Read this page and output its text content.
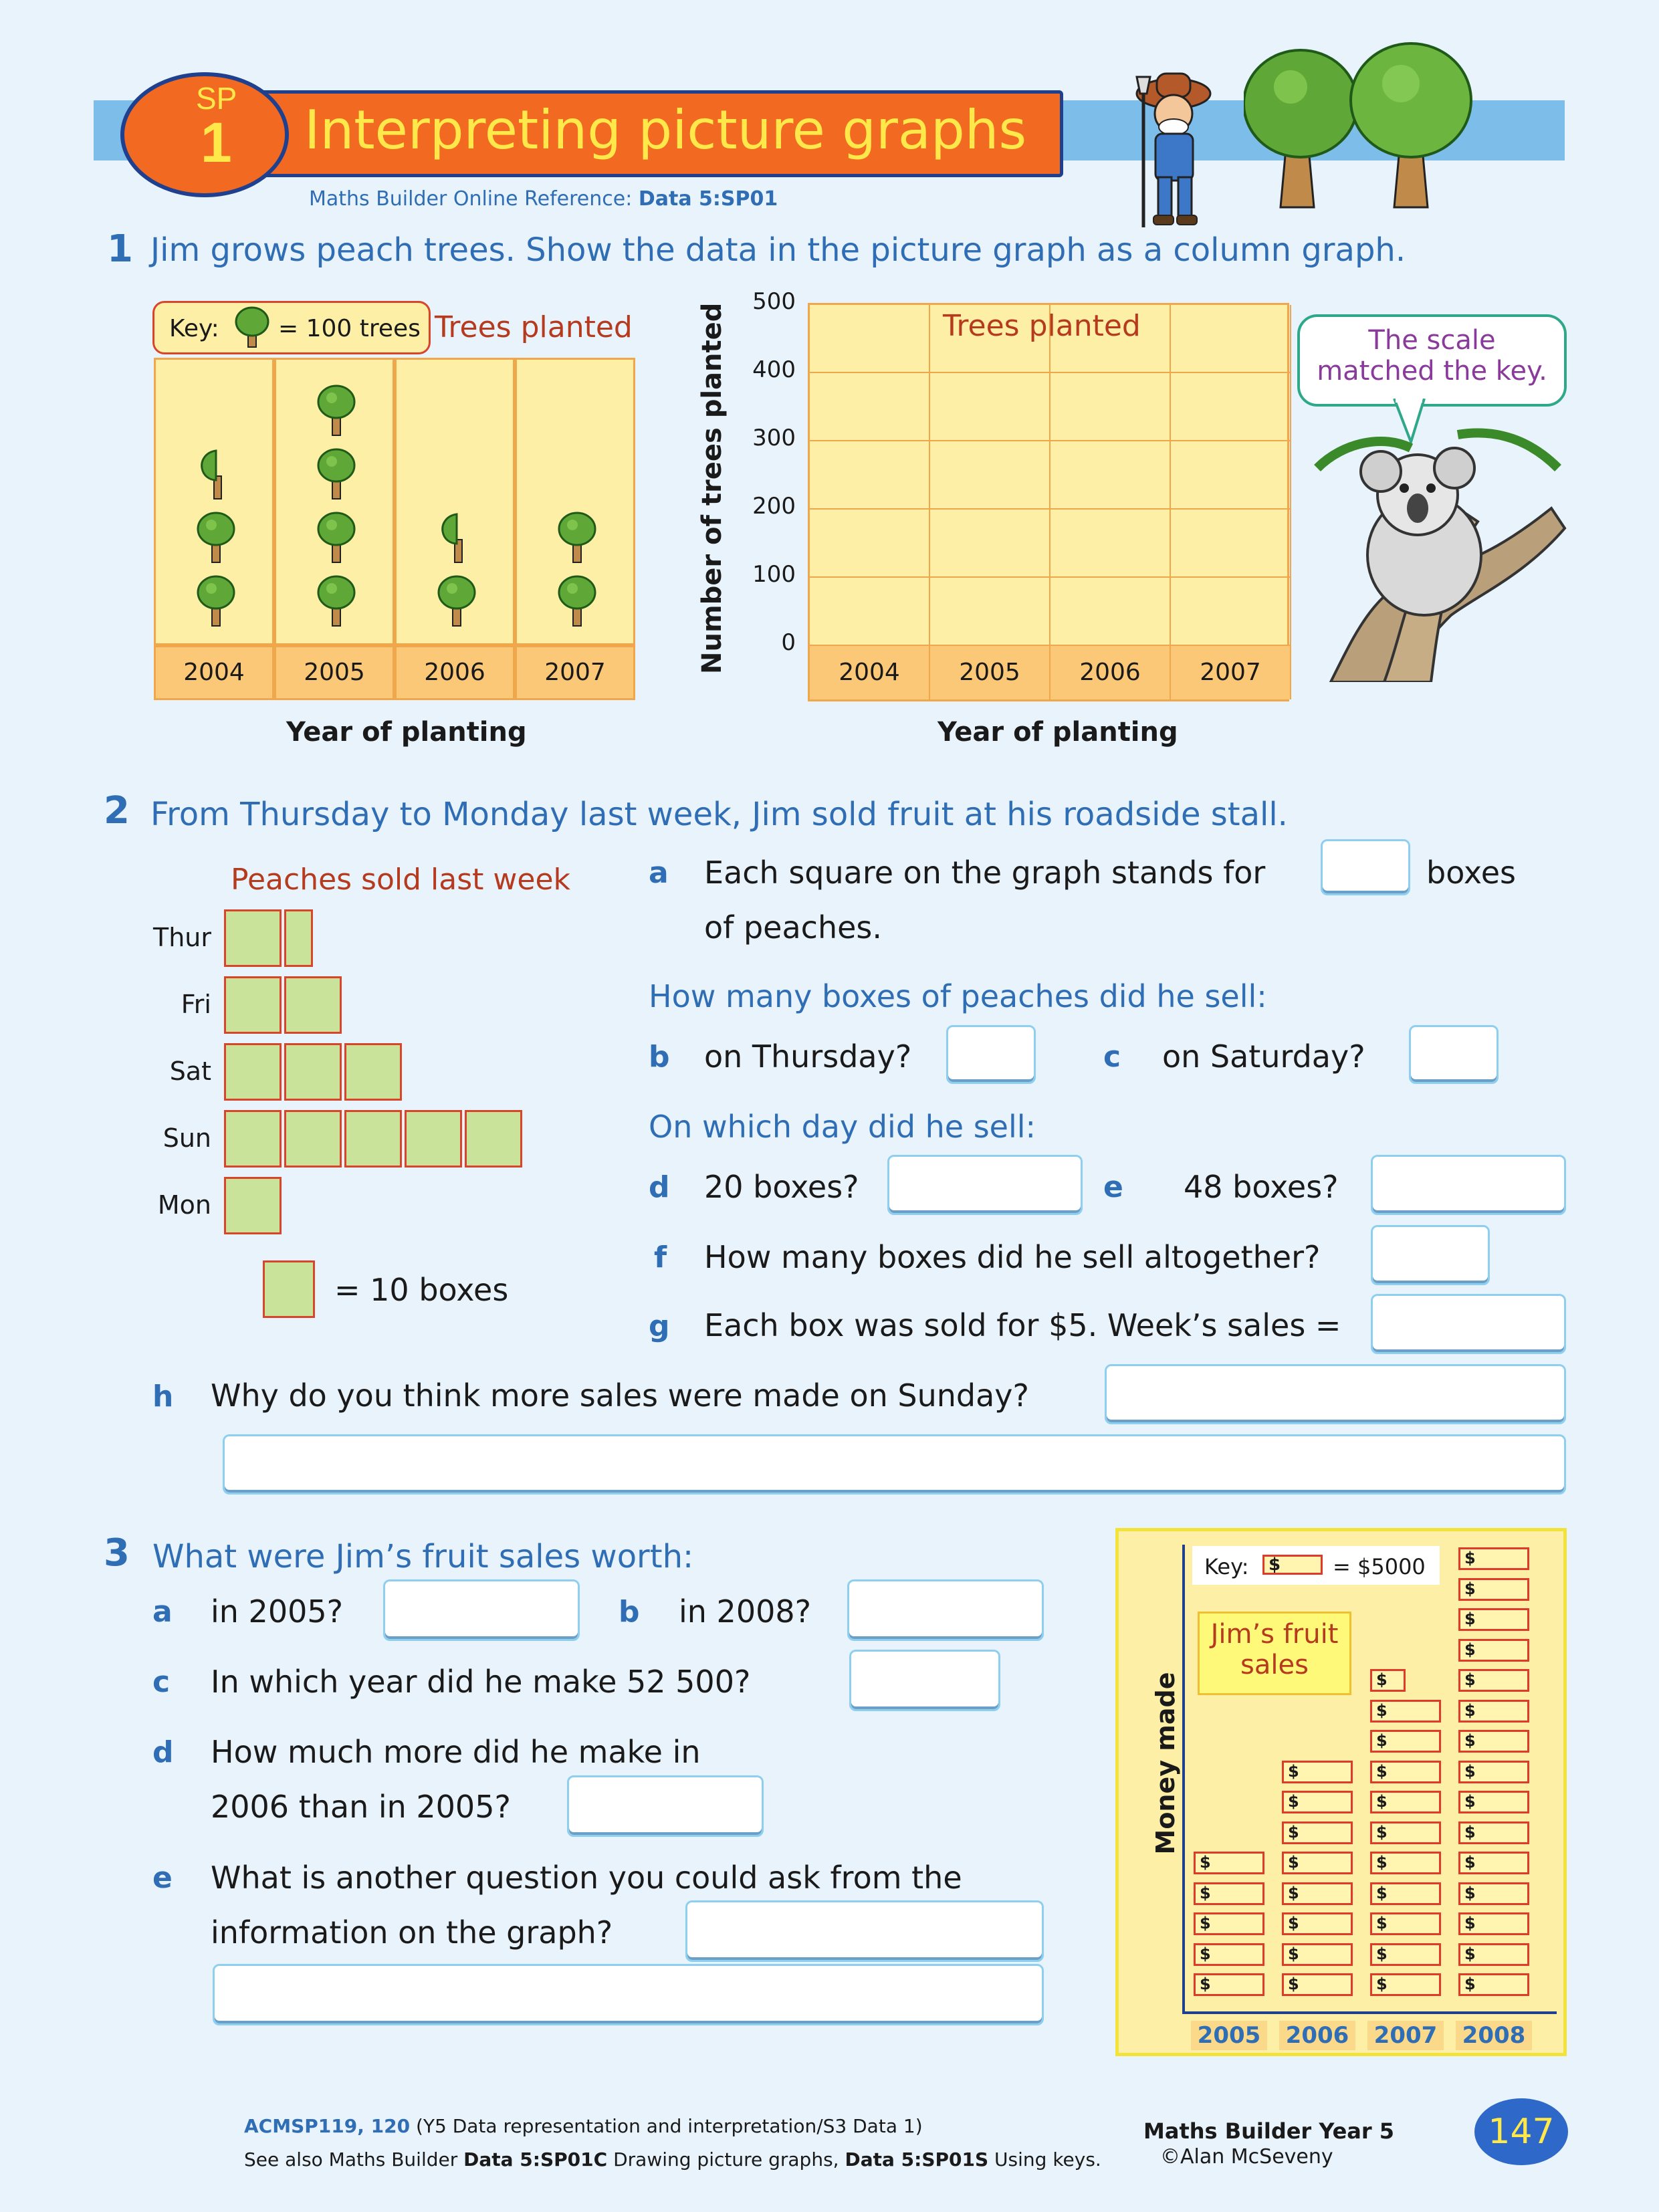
SP
1 Interpreting picture graphs
Maths Builder Online Reference: Data 5:SP01
1 Jim grows peach trees. Show the data in the picture graph as a column graph.
Key: = 100 trees Trees planted
2004	2005	2006	2007	Number of trees planted	0
100
200
300
400
500
2004	2005	2006	2007
Trees planted
Year of planting	Year of planting
The scale
matched the key.
2 From Thursday to Monday last week, Jim sold fruit at his roadside stall.
Peaches sold last week
Thur
Fri
Sat
Sun
Mon
= 10 boxes
a Each square on the graph stands for	boxes
of peaches.
How many boxes of peaches did he sell:
b on Thursday?	c on Saturday?
On which day did he sell:
d 20 boxes?	e 48 boxes?
f How many boxes did he sell altogether?
g Each box was sold for $5. Week’s sales =
h Why do you think more sales were made on Sunday?
3 What were Jim’s fruit sales worth:
a in 2005?	b in 2008?
c In which year did he make 52 500?
d How much more did he make in
2006 than in 2005?
e What is another question you could ask from the
information on the graph?
Money made
Key: $ = $5000
Jim’s fruit
sales
$
$
$
$
$
2005
$
$
$
$
$
$
$
$
2006
$
$
$
$
$
$
$
$
$
$
$
2007
$
$
$
$
$
$
$
$
$
$
$
$
$
$
$
2008
ACMSP119, 120 (Y5 Data representation and interpretation/S3 Data 1)
See also Maths Builder Data 5:SP01C Drawing picture graphs, Data 5:SP01S Using keys.
Maths Builder Year 5
©Alan McSeveny
147
